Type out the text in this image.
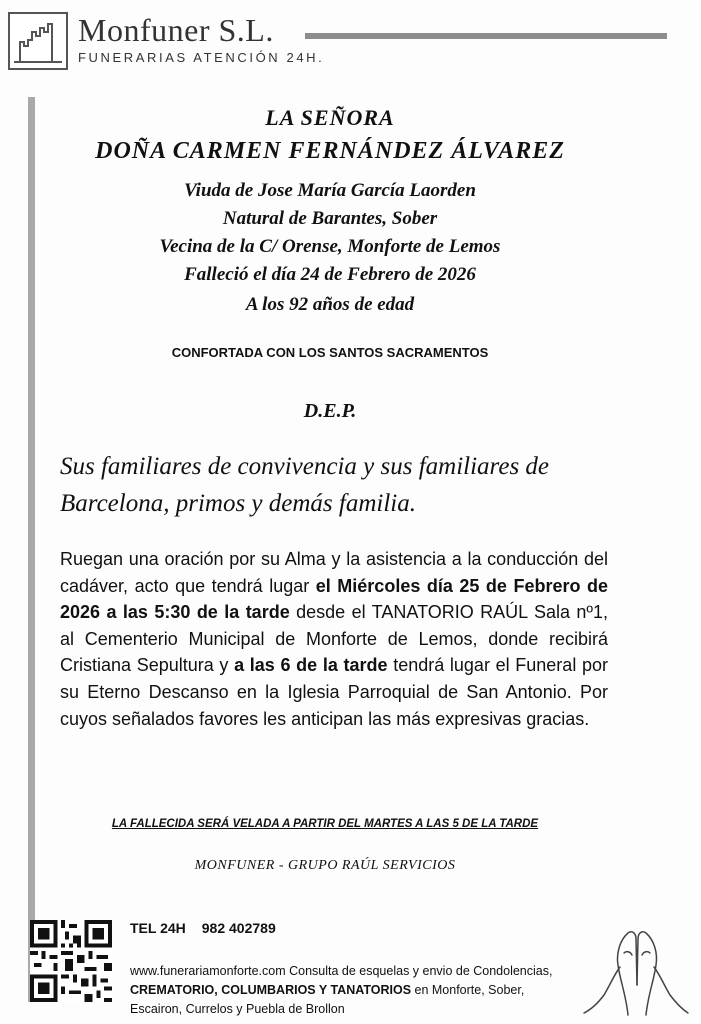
Monfuner S.L.
FUNERARIAS ATENCIÓN 24H.
LA SEÑORA
DOÑA CARMEN FERNÁNDEZ ÁLVAREZ
Viuda de Jose María García Laorden
Natural de Barantes, Sober
Vecina de la C/ Orense, Monforte de Lemos
Falleció el día 24 de Febrero de 2026
A los 92 años de edad
CONFORTADA CON LOS SANTOS SACRAMENTOS
D.E.P.
Sus familiares de convivencia y sus familiares de Barcelona, primos y demás familia.
Ruegan una oración por su Alma y la asistencia a la conducción del cadáver, acto que tendrá lugar el Miércoles día 25 de Febrero de 2026 a las 5:30 de la tarde desde el TANATORIO RAÚL Sala nº1, al Cementerio Municipal de Monforte de Lemos, donde recibirá Cristiana Sepultura y a las 6 de la tarde tendrá lugar el Funeral por su Eterno Descanso en la Iglesia Parroquial de San Antonio. Por cuyos señalados favores les anticipan las más expresivas gracias.
LA FALLECIDA SERÁ VELADA A PARTIR DEL MARTES A LAS 5 DE LA TARDE
MONFUNER - GRUPO RAÚL SERVICIOS
TEL 24H 982 402789
www.funerariamonforte.com Consulta de esquelas y envio de Condolencias, CREMATORIO, COLUMBARIOS Y TANATORIOS en Monforte, Sober, Escairon, Currelos y Puebla de Brollon
